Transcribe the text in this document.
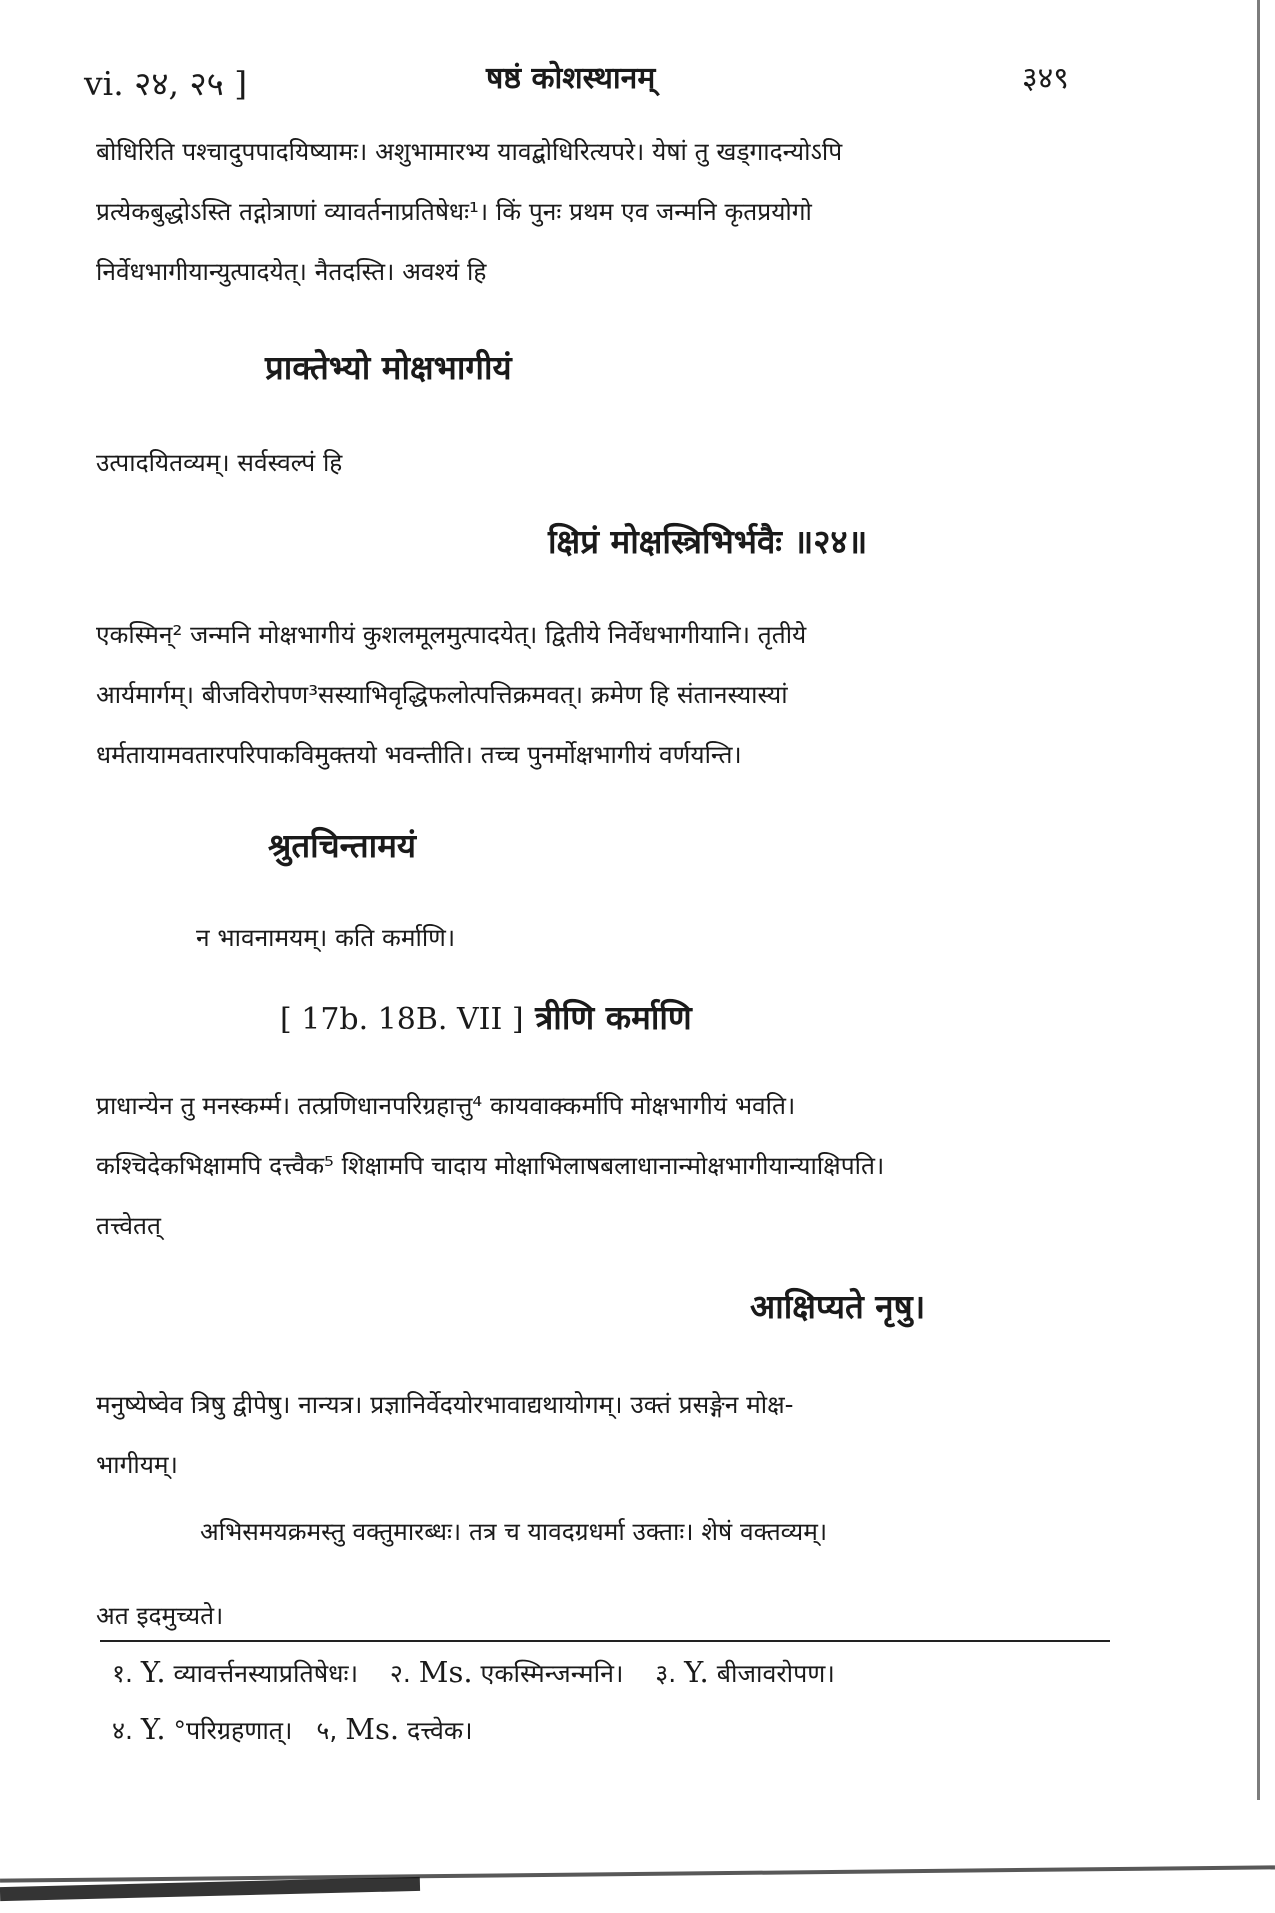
vi. २४, २५ ]	षष्ठं कोशस्थानम्	३४९
बोधिरिति पश्चादुपपादयिष्यामः। अशुभामारभ्य यावद्बोधिरित्यपरे। येषां तु खड्गादन्योऽपि
प्रत्येकबुद्धोऽस्ति तद्गोत्राणां व्यावर्तनाप्रतिषेधः¹। किं पुनः प्रथम एव जन्मनि कृतप्रयोगो
निर्वेधभागीयान्युत्पादयेत्। नैतदस्ति। अवश्यं हि
प्राक्तेभ्यो मोक्षभागीयं
उत्पादयितव्यम्। सर्वस्वल्पं हि
क्षिप्रं मोक्षस्त्रिभिर्भवैः ॥२४॥
एकस्मिन्² जन्मनि मोक्षभागीयं कुशलमूलमुत्पादयेत्। द्वितीये निर्वेधभागीयानि। तृतीये
आर्यमार्गम्। बीजविरोपण³सस्याभिवृद्धिफलोत्पत्तिक्रमवत्। क्रमेण हि संतानस्यास्यां
धर्मतायामवतारपरिपाकविमुक्तयो भवन्तीति। तच्च पुनर्मोक्षभागीयं वर्णयन्ति।
श्रुतचिन्तामयं
न भावनामयम्। कति कर्माणि।
[ 17b. 18B. VII ] त्रीणि कर्माणि
प्राधान्येन तु मनस्कर्म्म। तत्प्रणिधानपरिग्रहात्तु⁴ कायवाक्कर्मापि मोक्षभागीयं भवति।
कश्चिदेकभिक्षामपि दत्त्वैक⁵ शिक्षामपि चादाय मोक्षाभिलाषबलाधानान्मोक्षभागीयान्याक्षिपति।
तत्त्वेतत्
आक्षिप्यते नृषु।
मनुष्येष्वेव त्रिषु द्वीपेषु। नान्यत्र। प्रज्ञानिर्वेदयोरभावाद्यथायोगम्। उक्तं प्रसङ्गेन मोक्ष-
भागीयम्।
अभिसमयक्रमस्तु वक्तुमारब्धः। तत्र च यावदग्रधर्मा उक्ताः। शेषं वक्तव्यम्।
अत इदमुच्यते।
१. Y. व्यावर्त्तनस्याप्रतिषेधः। २. Ms. एकस्मिन्जन्मनि। ३. Y. बीजावरोपण।
४. Y. °परिग्रहणात्। ५, Ms. दत्त्वेक।
